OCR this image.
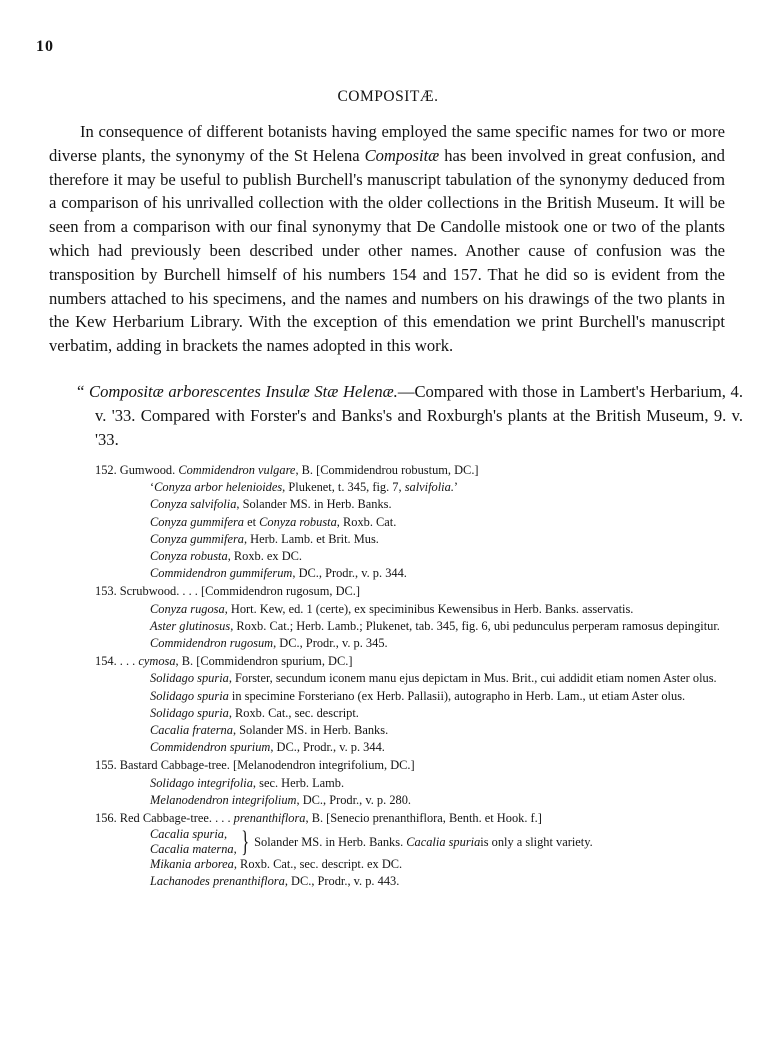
10
COMPOSITÆ.

In consequence of different botanists having employed the same specific names for two or more diverse plants, the synonymy of the St Helena Compositæ has been involved in great confusion, and therefore it may be useful to publish Burchell's manuscript tabulation of the synonymy deduced from a comparison of his unrivalled collection with the older collections in the British Museum. It will be seen from a comparison with our final synonymy that De Candolle mistook one or two of the plants which had previously been described under other names. Another cause of confusion was the transposition by Burchell himself of his numbers 154 and 157. That he did so is evident from the numbers attached to his specimens, and the names and numbers on his drawings of the two plants in the Kew Herbarium Library. With the exception of this emendation we print Burchell's manuscript verbatim, adding in brackets the names adopted in this work.

“ Compositæ arborescentes Insulæ Stæ Helenæ.—Compared with those in Lambert's Herbarium, 4. v. '33. Compared with Forster's and Banks's and Roxburgh's plants at the British Museum, 9. v. '33.
152. Gumwood. Commidendron vulgare, B. [Commidendrou robustum, DC.]
‘Conyza arbor helenioides, Plukenet, t. 345, fig. 7, salvifolia.’
Conyza salvifolia, Solander MS. in Herb. Banks.
Conyza gummifera et Conyza robusta, Roxb. Cat.
Conyza gummifera, Herb. Lamb. et Brit. Mus.
Conyza robusta, Roxb. ex DC.
Commidendron gummiferum, DC., Prodr., v. p. 344.
153. Scrubwood. . . . [Commidendron rugosum, DC.]
Conyza rugosa, Hort. Kew, ed. 1 (certe), ex speciminibus Kewensibus in Herb. Banks. asservatis.
Aster glutinosus, Roxb. Cat.; Herb. Lamb.; Plukenet, tab. 345, fig. 6, ubi pedunculus perperam ramosus depingitur.
Commidendron rugosum, DC., Prodr., v. p. 345.
154. . . . cymosa, B. [Commidendron spurium, DC.]
Solidago spuria, Forster, secundum iconem manu ejus depictam in Mus. Brit., cui addidit etiam nomen Aster olus.
Solidago spuria in specimine Forsteriano (ex Herb. Pallasii), autographo in Herb. Lam., ut etiam Aster olus.
Solidago spuria, Roxb. Cat., sec. descript.
Cacalia fraterna, Solander MS. in Herb. Banks.
Commidendron spurium, DC., Prodr., v. p. 344.
155. Bastard Cabbage-tree. [Melanodendron integrifolium, DC.]
Solidago integrifolia, sec. Herb. Lamb.
Melanodendron integrifolium, DC., Prodr., v. p. 280.
156. Red Cabbage-tree. . . . prenanthiflora, B. [Senecio prenanthiflora, Benth. et Hook. f.]
Cacalia spuria,
Cacalia materna, } Solander MS. in Herb. Banks.
Cacalia spuria is only a slight variety.
Mikania arborea, Roxb. Cat., sec. descript. ex DC.
Lachanodes prenanthiflora, DC., Prodr., v. p. 443.
